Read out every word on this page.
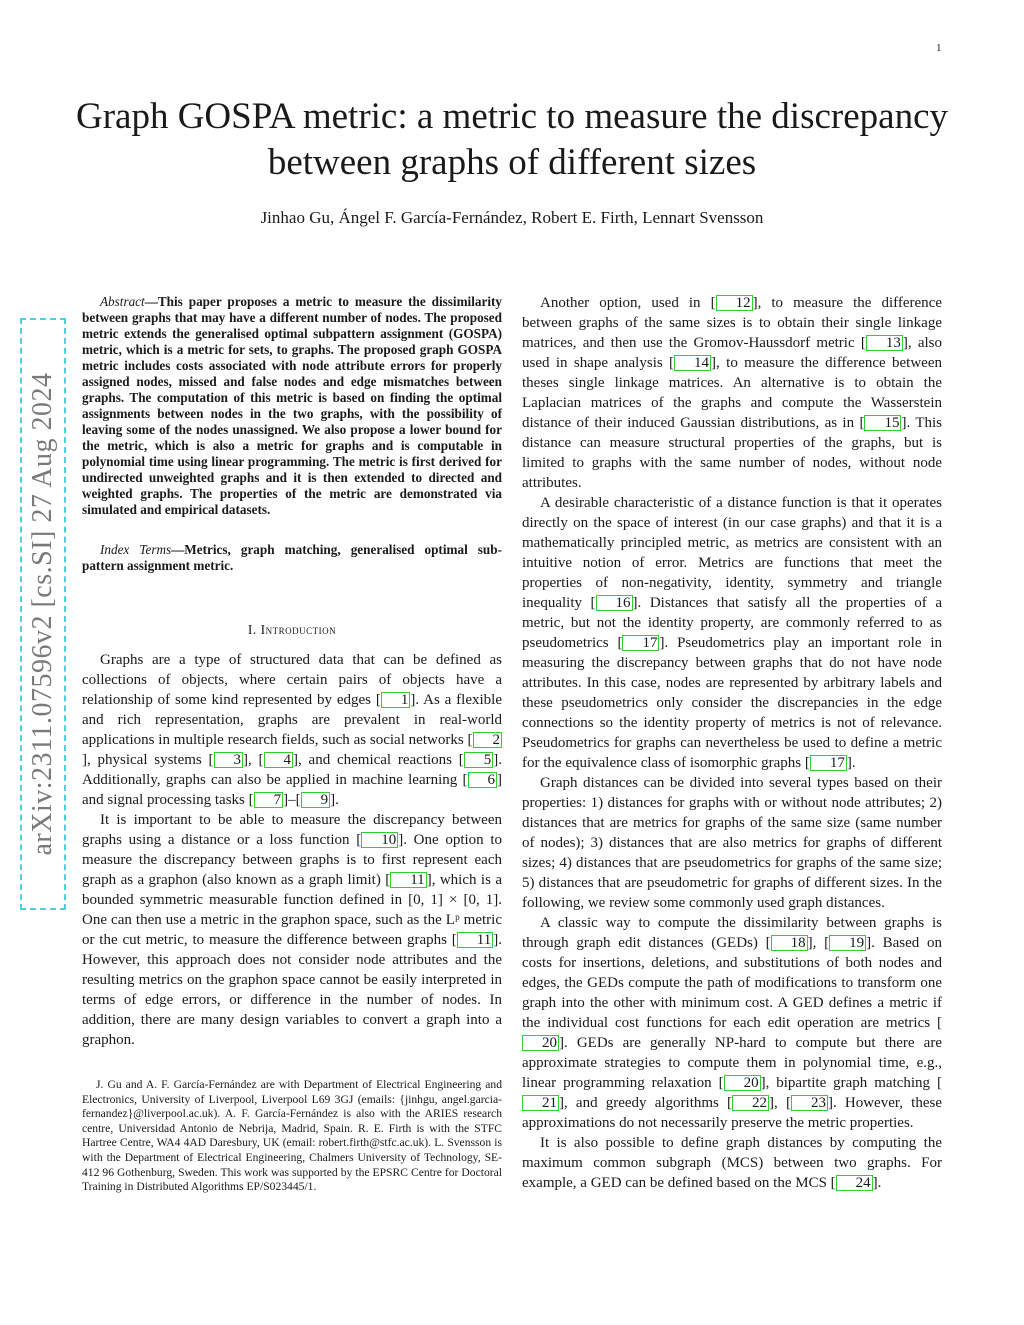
1
arXiv:2311.07596v2 [cs.SI] 27 Aug 2024
Graph GOSPA metric: a metric to measure the discrepancy between graphs of different sizes
Jinhao Gu, Ángel F. García-Fernández, Robert E. Firth, Lennart Svensson

Abstract—This paper proposes a metric to measure the dissimilarity between graphs that may have a different number of nodes. The proposed metric extends the generalised optimal subpattern assignment (GOSPA) metric, which is a metric for sets, to graphs. The proposed graph GOSPA metric includes costs associated with node attribute errors for properly assigned nodes, missed and false nodes and edge mismatches between graphs. The computation of this metric is based on finding the optimal assignments between nodes in the two graphs, with the possibility of leaving some of the nodes unassigned. We also propose a lower bound for the metric, which is also a metric for graphs and is computable in polynomial time using linear programming. The metric is first derived for undirected unweighted graphs and it is then extended to directed and weighted graphs. The properties of the metric are demonstrated via simulated and empirical datasets.

Index Terms—Metrics, graph matching, generalised optimal sub-pattern assignment metric.

I. Introduction

Graphs are a type of structured data that can be defined as collections of objects, where certain pairs of objects have a relationship of some kind represented by edges [ 1 ]. As a flexible and rich representation, graphs are prevalent in real-world applications in multiple research fields, such as social networks [ 2], physical systems [ 3 ], [ 4 ], and chemical reactions [ 5 ]. Additionally, graphs can also be applied in machine learning [ 6 ] and signal processing tasks [ 7 ]–[ 9 ].

It is important to be able to measure the discrepancy between graphs using a distance or a loss function [ 10 ]. One option to measure the discrepancy between graphs is to first represent each graph as a graphon (also known as a graph limit) [ 11 ], which is a bounded symmetric measurable function defined in [0, 1] × [0, 1]. One can then use a metric in the graphon space, such as the Lᵖ metric or the cut metric, to measure the difference between graphs [ 11 ]. However, this approach does not consider node attributes and the resulting metrics on the graphon space cannot be easily interpreted in terms of edge errors, or difference in the number of nodes. In addition, there are many design variables to convert a graph into a graphon.

J. Gu and A. F. García-Fernández are with Department of Electrical Engineering and Electronics, University of Liverpool, Liverpool L69 3GJ (emails: {jinhgu, angel.garcia-fernandez}@liverpool.ac.uk). A. F. García-Fernández is also with the ARIES research centre, Universidad Antonio de Nebrija, Madrid, Spain. R. E. Firth is with the STFC Hartree Centre, WA4 4AD Daresbury, UK (email: robert.firth@stfc.ac.uk). L. Svensson is with the Department of Electrical Engineering, Chalmers University of Technology, SE-412 96 Gothenburg, Sweden. This work was supported by the EPSRC Centre for Doctoral Training in Distributed Algorithms EP/S023445/1.

Another option, used in [ 12 ], to measure the difference between graphs of the same sizes is to obtain their single linkage matrices, and then use the Gromov-Haussdorf metric [ 13 ], also used in shape analysis [ 14 ], to measure the difference between theses single linkage matrices. An alternative is to obtain the Laplacian matrices of the graphs and compute the Wasserstein distance of their induced Gaussian distributions, as in [ 15 ]. This distance can measure structural properties of the graphs, but is limited to graphs with the same number of nodes, without node attributes.

A desirable characteristic of a distance function is that it operates directly on the space of interest (in our case graphs) and that it is a mathematically principled metric, as metrics are consistent with an intuitive notion of error. Metrics are functions that meet the properties of non-negativity, identity, symmetry and triangle inequality [ 16 ]. Distances that satisfy all the properties of a metric, but not the identity property, are commonly referred to as pseudometrics [ 17 ]. Pseudometrics play an important role in measuring the discrepancy between graphs that do not have node attributes. In this case, nodes are represented by arbitrary labels and these pseudometrics only consider the discrepancies in the edge connections so the identity property of metrics is not of relevance. Pseudometrics for graphs can nevertheless be used to define a metric for the equivalence class of isomorphic graphs [ 17 ].

Graph distances can be divided into several types based on their properties: 1) distances for graphs with or without node attributes; 2) distances that are metrics for graphs of the same size (same number of nodes); 3) distances that are also metrics for graphs of different sizes; 4) distances that are pseudometrics for graphs of the same size; 5) distances that are pseudometric for graphs of different sizes. In the following, we review some commonly used graph distances.

A classic way to compute the dissimilarity between graphs is through graph edit distances (GEDs) [ 18 ], [ 19 ]. Based on costs for insertions, deletions, and substitutions of both nodes and edges, the GEDs compute the path of modifications to transform one graph into the other with minimum cost. A GED defines a metric if the individual cost functions for each edit operation are metrics [20 ]. GEDs are generally NP-hard to compute but there are approximate strategies to compute them in polynomial time, e.g., linear programming relaxation [ 20 ], bipartite graph matching [21 ], and greedy algorithms [ 22 ], [ 23 ]. However, these approximations do not necessarily preserve the metric properties.

It is also possible to define graph distances by computing the maximum common subgraph (MCS) between two graphs. For example, a GED can be defined based on the MCS [ 24 ].
